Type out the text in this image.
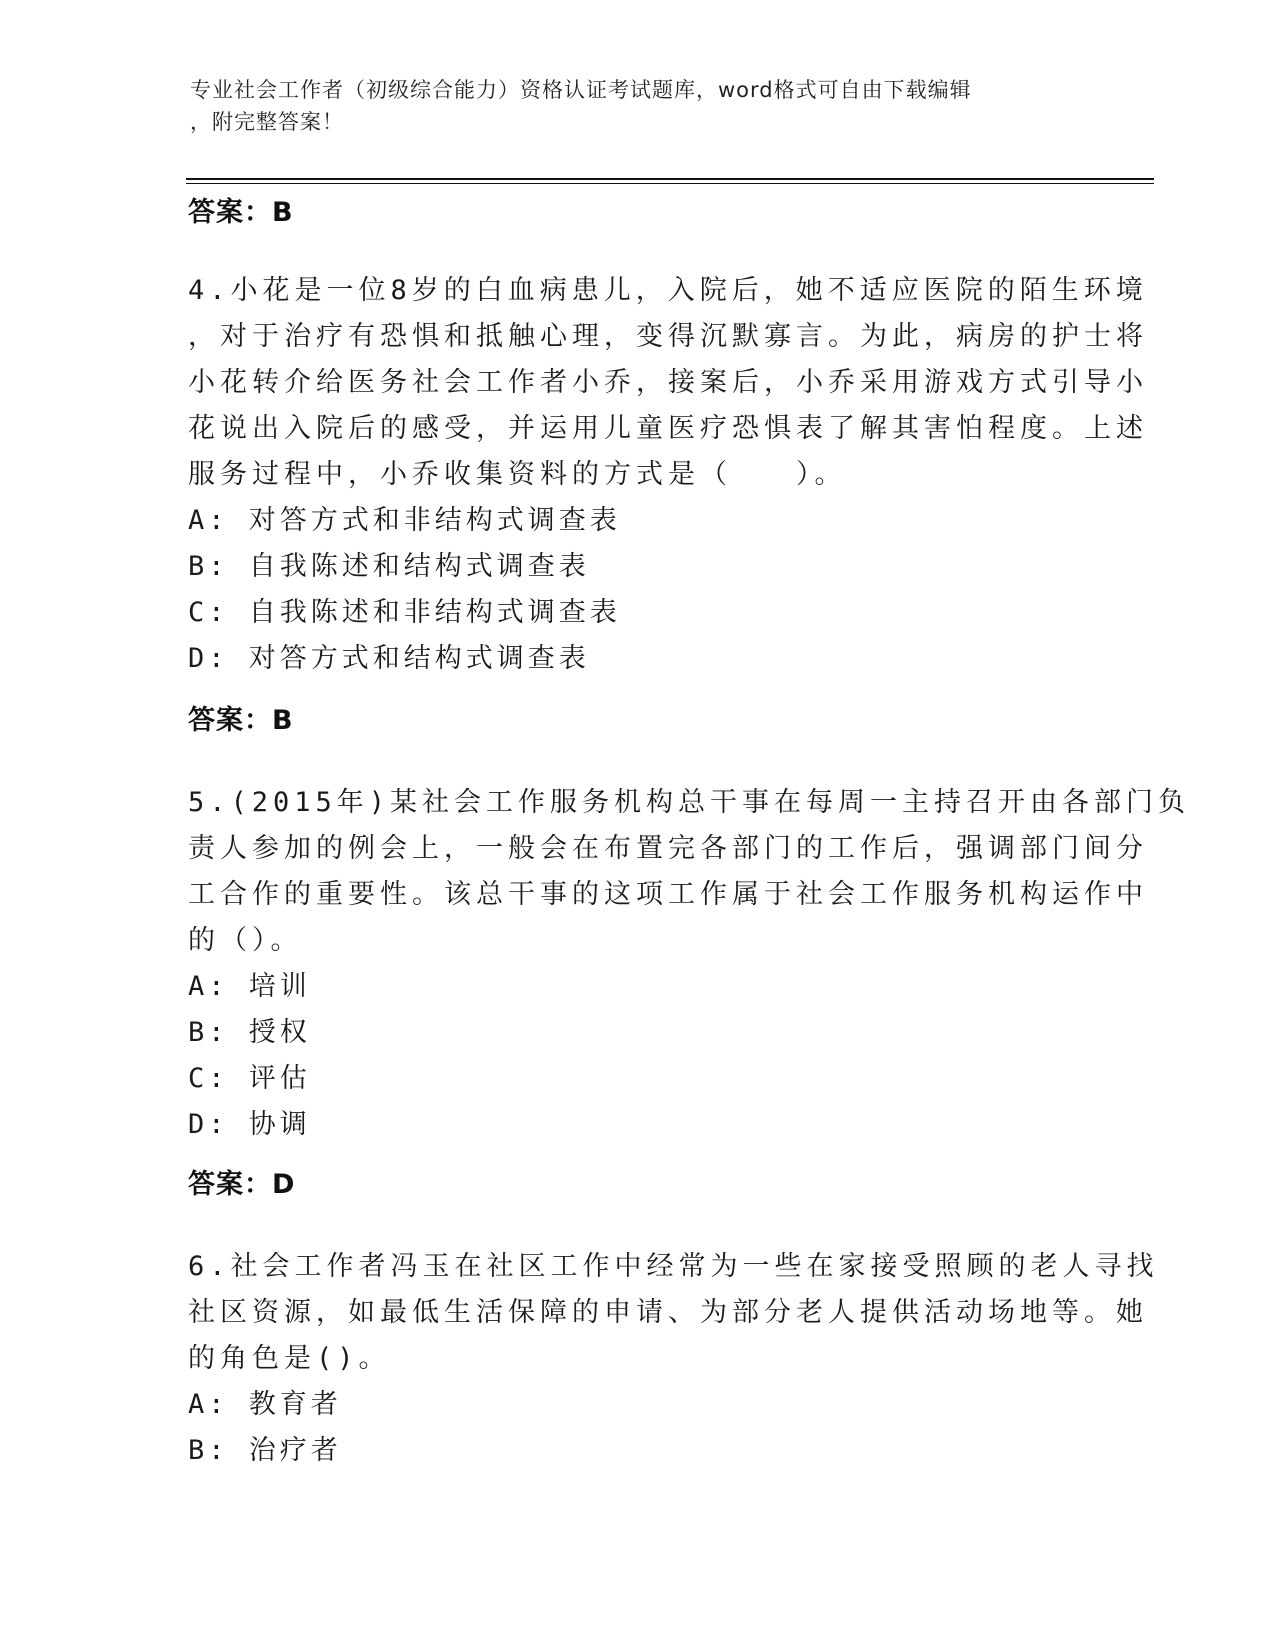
专业社会工作者（初级综合能力）资格认证考试题库，word格式可自由下载编辑
，附完整答案！
答案：B
4.小花是一位8岁的白血病患儿，入院后，她不适应医院的陌生环境
，对于治疗有恐惧和抵触心理，变得沉默寡言。为此，病房的护士将
小花转介给医务社会工作者小乔，接案后，小乔采用游戏方式引导小
花说出入院后的感受，并运用儿童医疗恐惧表了解其害怕程度。上述
服务过程中，小乔收集资料的方式是（　　）。
A: 对答方式和非结构式调查表
B: 自我陈述和结构式调查表
C: 自我陈述和非结构式调查表
D: 对答方式和结构式调查表
答案：B
5.(2015年)某社会工作服务机构总干事在每周一主持召开由各部门负
责人参加的例会上，一般会在布置完各部门的工作后，强调部门间分
工合作的重要性。该总干事的这项工作属于社会工作服务机构运作中
的（）。
A: 培训
B: 授权
C: 评估
D: 协调
答案：D
6.社会工作者冯玉在社区工作中经常为一些在家接受照顾的老人寻找
社区资源，如最低生活保障的申请、为部分老人提供活动场地等。她
的角色是()。
A: 教育者
B: 治疗者
